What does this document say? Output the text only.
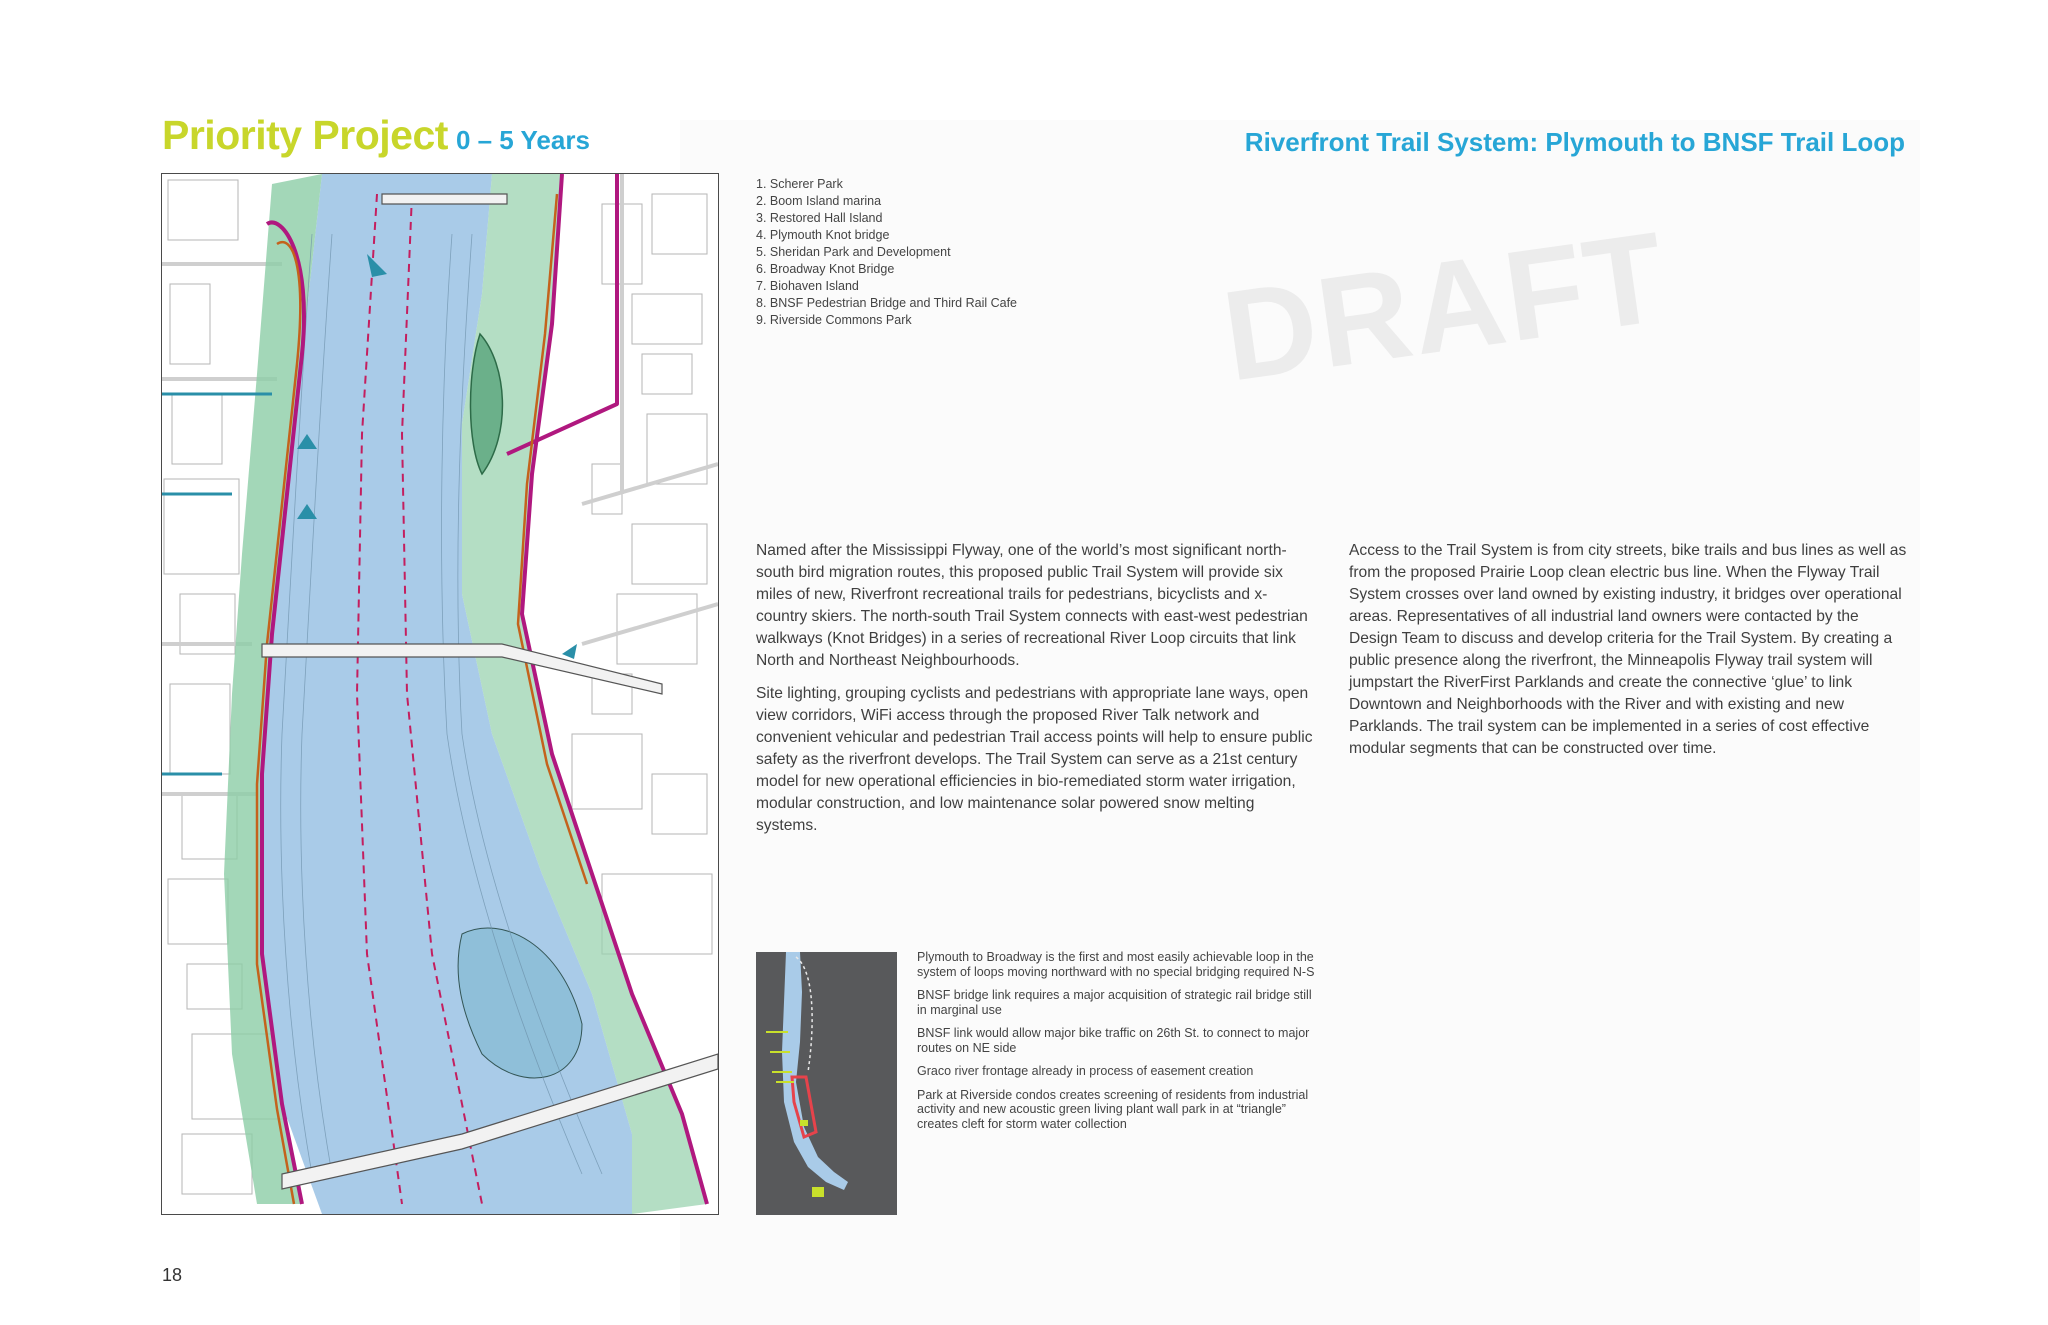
Priority Project 0 – 5 Years	Riverfront Trail System: Plymouth to BNSF Trail Loop
1. Scherer Park
2. Boom Island marina
3. Restored Hall Island
4. Plymouth Knot bridge
5. Sheridan Park and Development
6. Broadway Knot Bridge
7. Biohaven Island
8. BNSF Pedestrian Bridge and Third Rail Cafe
9. Riverside Commons Park	DRAFT

Named after the Mississippi Flyway, one of the world’s most significant north-south bird migration routes, this proposed public Trail System will provide six miles of new, Riverfront recreational trails for pedestrians, bicyclists and x-country skiers. The north-south Trail System connects with east-west pedestrian walkways (Knot Bridges) in a series of recreational River Loop circuits that link North and Northeast Neighbourhoods.

Site lighting, grouping cyclists and pedestrians with appropriate lane ways, open view corridors, WiFi access through the proposed River Talk network and convenient vehicular and pedestrian Trail access points will help to ensure public safety as the riverfront develops. The Trail System can serve as a 21st century model for new operational efficiencies in bio-remediated storm water irrigation, modular construction, and low maintenance solar powered snow melting systems.

Access to the Trail System is from city streets, bike trails and bus lines as well as from the proposed Prairie Loop clean electric bus line. When the Flyway Trail System crosses over land owned by existing industry, it bridges over operational areas. Representatives of all industrial land owners were contacted by the Design Team to discuss and develop criteria for the Trail System. By creating a public presence along the riverfront, the Minneapolis Flyway trail system will jumpstart the RiverFirst Parklands and create the connective ‘glue’ to link Downtown and Neighborhoods with the River and with existing and new Parklands. The trail system can be implemented in a series of cost effective modular segments that can be constructed over time.

Plymouth to Broadway is the first and most easily achievable loop in the system of loops moving northward with no special bridging required N-S

BNSF bridge link requires a major acquisition of strategic rail bridge still in marginal use

BNSF link would allow major bike traffic on 26th St. to connect to major routes on NE side

Graco river frontage already in process of easement creation

Park at Riverside condos creates screening of residents from industrial activity and new acoustic green living plant wall park in at “triangle” creates cleft for storm water collection

18
